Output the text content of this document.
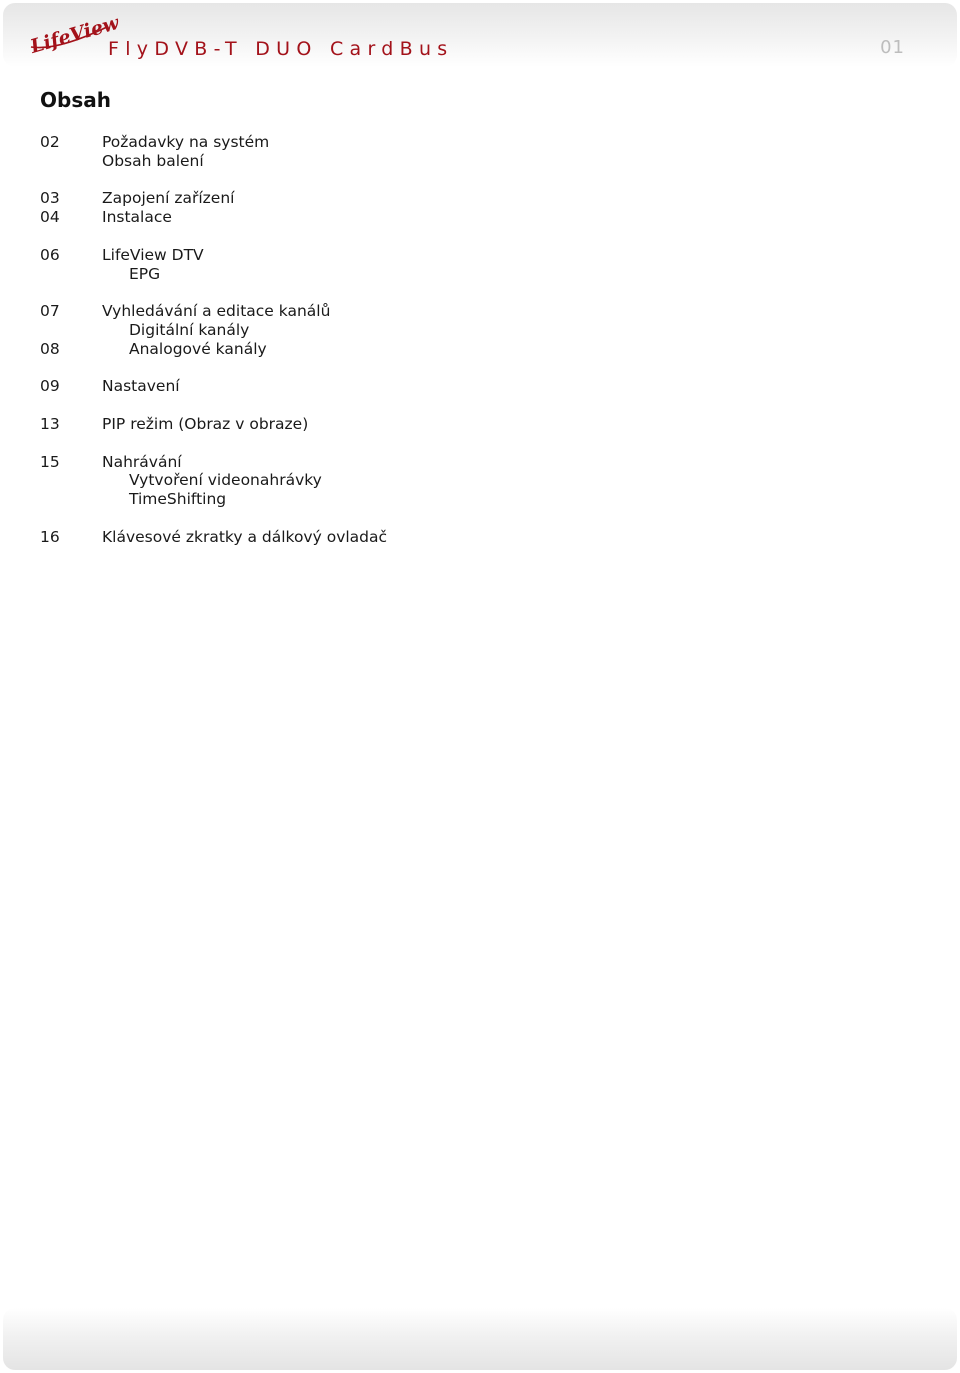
LifeView
FlyDVB-T DUO CardBus	01
Obsah
02	Požadavky na systém
Obsah balení
03	Zapojení zařízení
04	Instalace
06	LifeView DTV
EPG
07	Vyhledávání a editace kanálů
Digitální kanály
08	Analogové kanály
09	Nastavení
13	PIP režim (Obraz v obraze)
15	Nahrávání
Vytvoření videonahrávky
TimeShifting
16	Klávesové zkratky a dálkový ovladač
